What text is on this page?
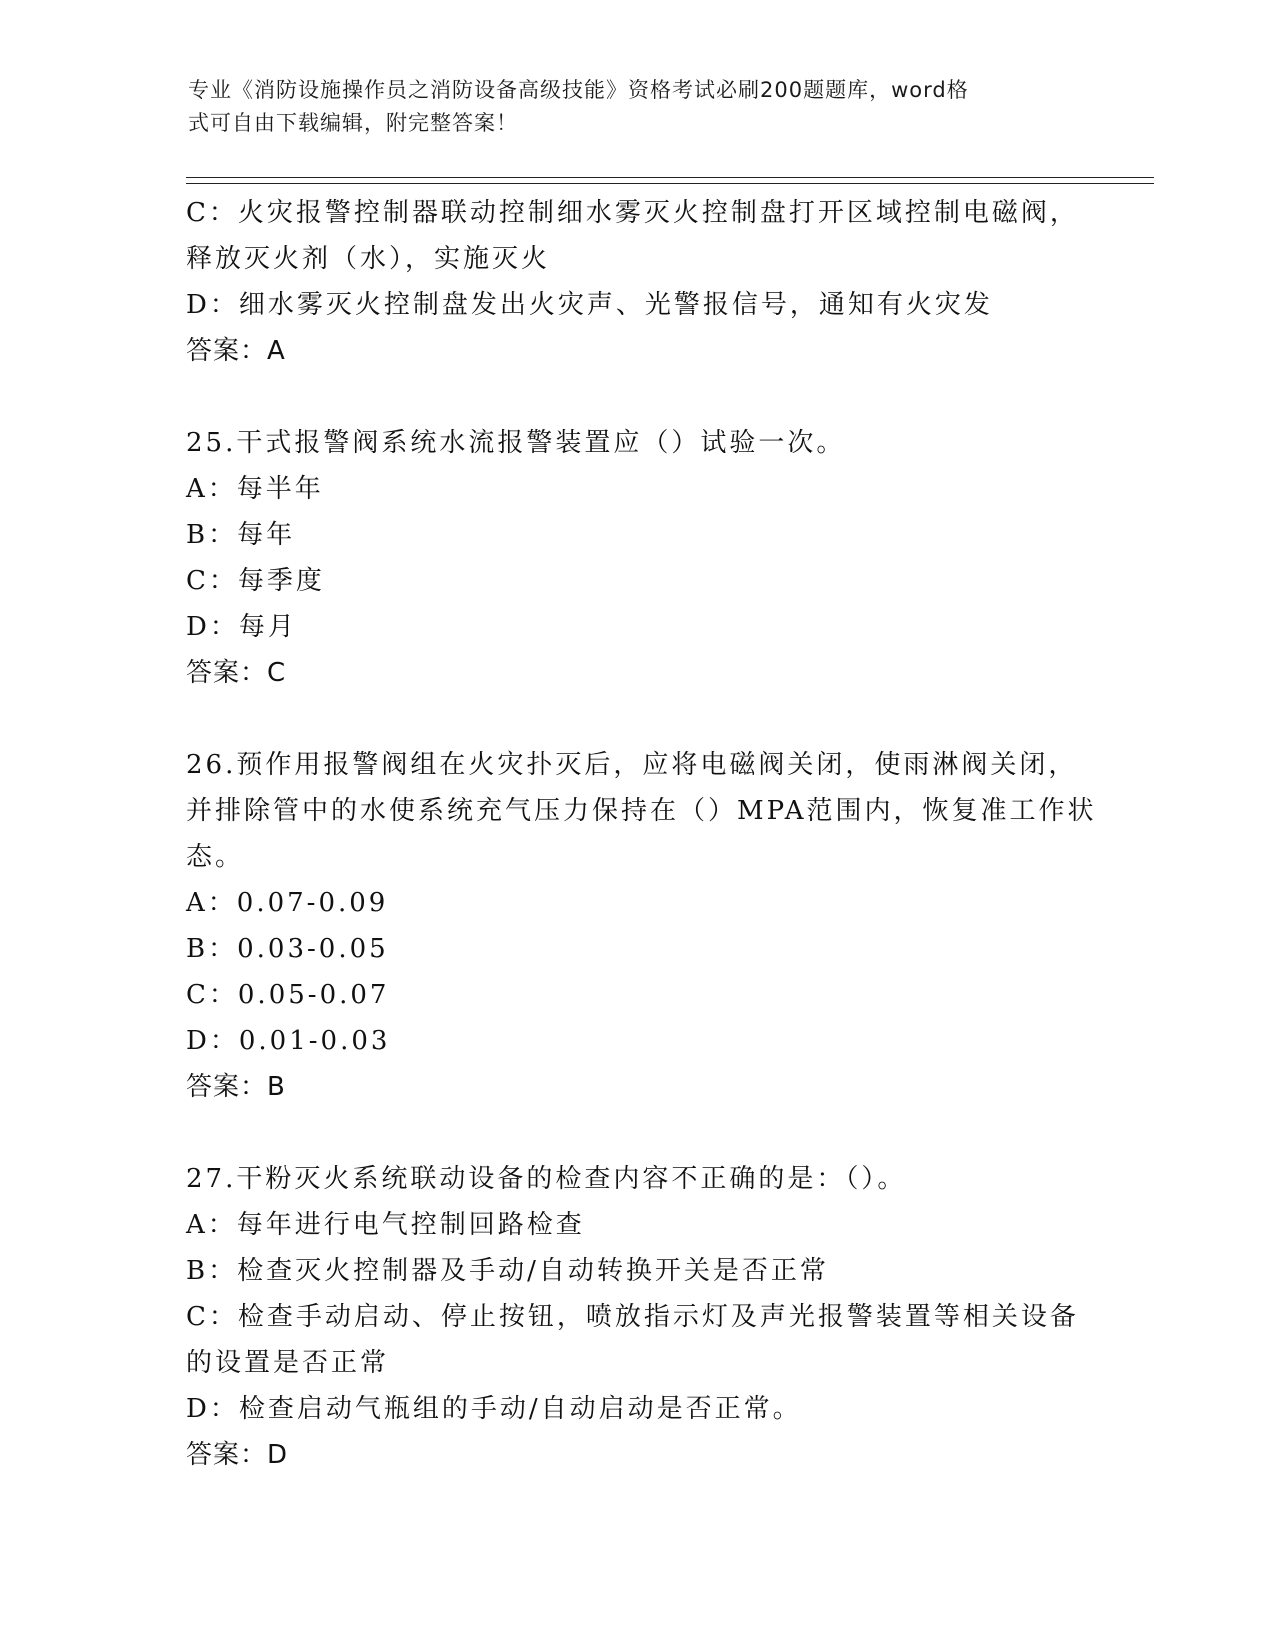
专业《消防设施操作员之消防设备高级技能》资格考试必刷200题题库，word格
式可自由下载编辑，附完整答案！
C：火灾报警控制器联动控制细水雾灭火控制盘打开区域控制电磁阀，
释放灭火剂（水），实施灭火
D：细水雾灭火控制盘发出火灾声、光警报信号，通知有火灾发
答案：A
25.干式报警阀系统水流报警装置应（）试验一次。
A：每半年
B：每年
C：每季度
D：每月
答案：C
26.预作用报警阀组在火灾扑灭后，应将电磁阀关闭，使雨淋阀关闭，
并排除管中的水使系统充气压力保持在（）MPA范围内，恢复准工作状
态。
A：0.07-0.09
B：0.03-0.05
C：0.05-0.07
D：0.01-0.03
答案：B
27.干粉灭火系统联动设备的检查内容不正确的是：（）。
A：每年进行电气控制回路检查
B：检查灭火控制器及手动/自动转换开关是否正常
C：检查手动启动、停止按钮，喷放指示灯及声光报警装置等相关设备
的设置是否正常
D：检查启动气瓶组的手动/自动启动是否正常。
答案：D
